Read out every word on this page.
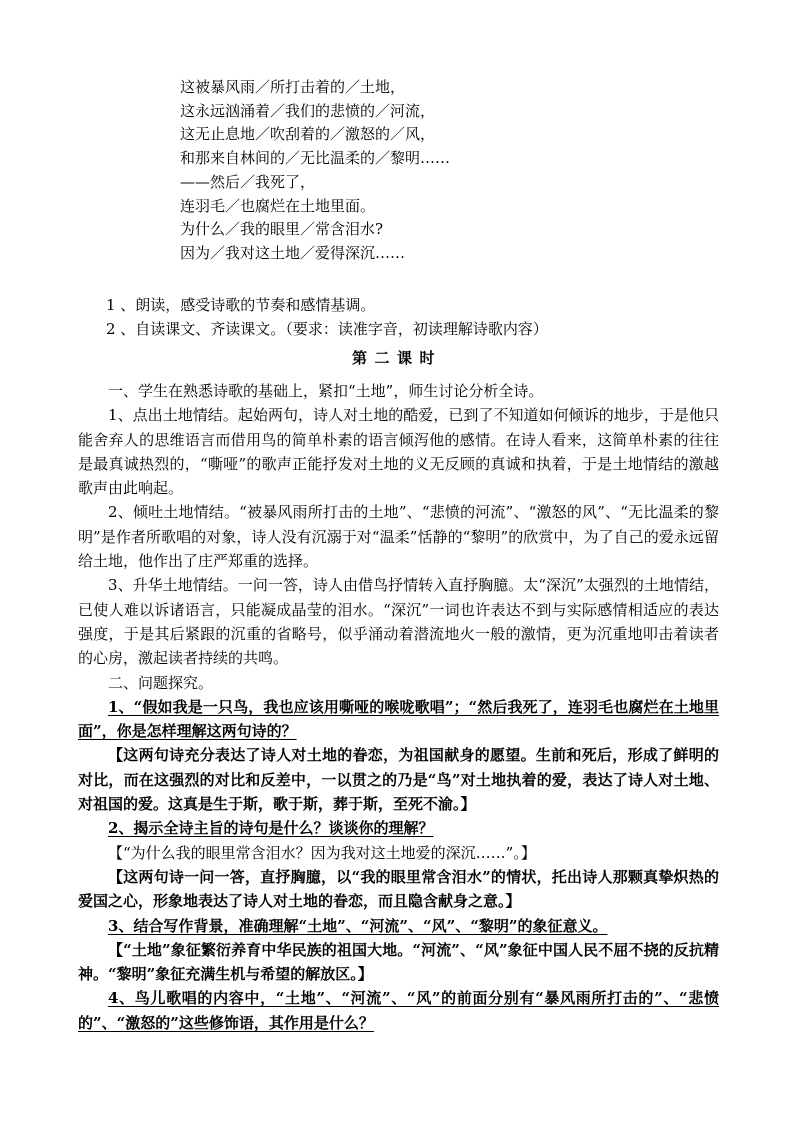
这被暴风雨／所打击着的／土地，
这永远汹涌着／我们的悲愤的／河流，
这无止息地／吹刮着的／激怒的／风，
和那来自林间的／无比温柔的／黎明……
——然后／我死了，
连羽毛／也腐烂在土地里面。
为什么／我的眼里／常含泪水?
因为／我对这土地／爱得深沉……
1 、朗读，感受诗歌的节奏和感情基调。
2 、自读课文、齐读课文。（要求：读准字音，初读理解诗歌内容）
第二课时

一、学生在熟悉诗歌的基础上，紧扣“土地”，师生讨论分析全诗。

1、点出土地情结。起始两句，诗人对土地的酷爱，已到了不知道如何倾诉的地步，于是他只能舍弃人的思维语言而借用鸟的简单朴素的语言倾泻他的感情。在诗人看来，这简单朴素的往往是最真诚热烈的，“嘶哑”的歌声正能抒发对土地的义无反顾的真诚和执着，于是土地情结的激越歌声由此响起。

2、倾吐土地情结。“被暴风雨所打击的土地”、“悲愤的河流”、“激怒的风”、“无比温柔的黎明”是作者所歌唱的对象，诗人没有沉溺于对“温柔”恬静的“黎明”的欣赏中，为了自己的爱永远留给土地，他作出了庄严郑重的选择。

3、升华土地情结。一问一答，诗人由借鸟抒情转入直抒胸臆。太“深沉”太强烈的土地情结，已使人难以诉诸语言，只能凝成晶莹的泪水。“深沉”一词也许表达不到与实际感情相适应的表达强度，于是其后紧跟的沉重的省略号，似乎涌动着潜流地火一般的激情，更为沉重地叩击着读者的心房，激起读者持续的共鸣。

二、问题探究。

1、“假如我是一只鸟，我也应该用嘶哑的喉咙歌唱”；“然后我死了，连羽毛也腐烂在土地里面”，你是怎样理解这两句诗的？

【这两句诗充分表达了诗人对土地的眷恋，为祖国献身的愿望。生前和死后，形成了鲜明的对比，而在这强烈的对比和反差中，一以贯之的乃是“鸟”对土地执着的爱，表达了诗人对土地、对祖国的爱。这真是生于斯，歌于斯，葬于斯，至死不渝。】

2、揭示全诗主旨的诗句是什么？谈谈你的理解？

【“为什么我的眼里常含泪水？因为我对这土地爱的深沉……”。】

【这两句诗一问一答，直抒胸臆，以“我的眼里常含泪水”的情状，托出诗人那颗真挚炽热的爱国之心，形象地表达了诗人对土地的眷恋，而且隐含献身之意。】

3、结合写作背景，准确理解“土地”、“河流”、“风”、“黎明”的象征意义。

【“土地”象征繁衍养育中华民族的祖国大地。“河流”、“风”象征中国人民不屈不挠的反抗精神。“黎明”象征充满生机与希望的解放区。】

4、鸟儿歌唱的内容中，“土地”、“河流”、“风”的前面分别有“暴风雨所打击的”、“悲愤的”、“激怒的”这些修饰语，其作用是什么？
